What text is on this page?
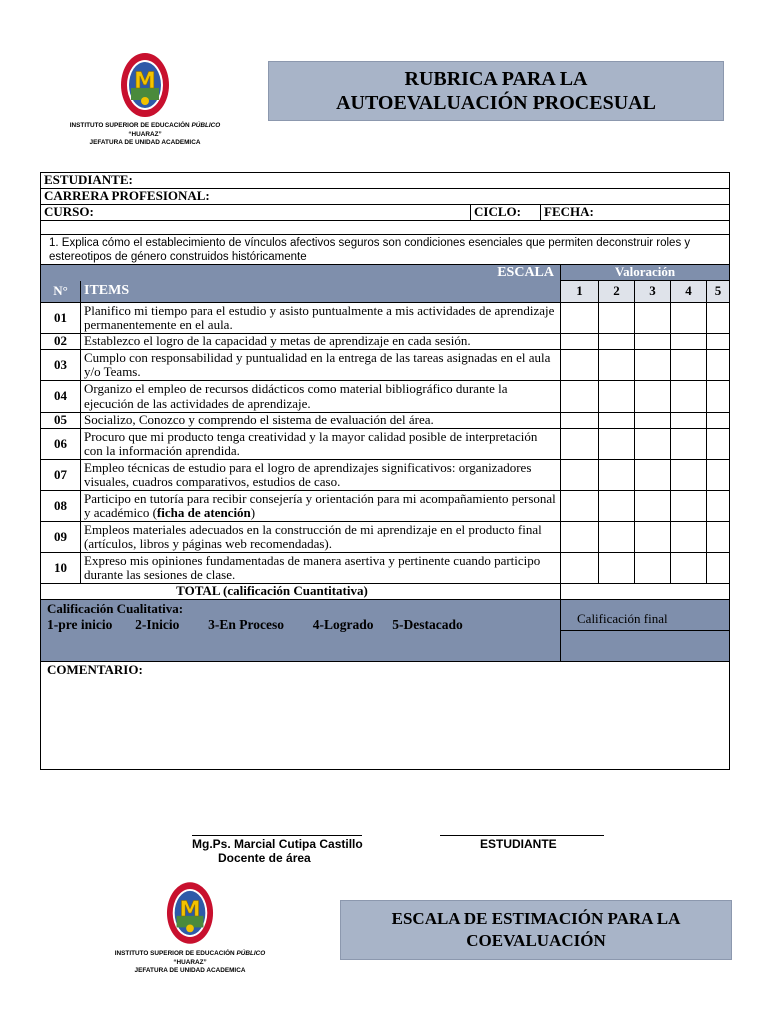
M
INSTITUTO SUPERIOR DE EDUCACIÓN PÚBLICO
“HUARAZ”
JEFATURA DE UNIDAD ACADEMICA
RUBRICA PARA LA
AUTOEVALUACIÓN PROCESUAL
ESTUDIANTE:								
CARRERA PROFESIONAL:								
CURSO:		CICLO:	FECHA:					

1. Explica cómo el establecimiento de vínculos afectivos seguros son condiciones esenciales que permiten deconstruir roles y estereotipos de género construidos históricamente								
ESCALA				Valoración				
N°	ITEMS			1	2	3	4	5
01	Planifico mi tiempo para el estudio y asisto puntualmente a mis actividades de aprendizaje permanentemente en el aula.							
02	Establezco el logro de la capacidad y metas de aprendizaje en cada sesión.							
03	Cumplo con responsabilidad y puntualidad en la entrega de las tareas asignadas en el aula y/o Teams.							
04	Organizo el empleo de recursos didácticos como material bibliográfico durante la ejecución de las actividades de aprendizaje.							
05	Socializo, Conozco y comprendo el sistema de evaluación del área.							
06	Procuro que mi producto tenga creatividad y la mayor calidad posible de interpretación con la información aprendida.							
07	Empleo técnicas de estudio para el logro de aprendizajes significativos: organizadores visuales, cuadros comparativos, estudios de caso.							
08	Participo en tutoría para recibir consejería y orientación para mi acompañamiento personal y académico (ficha de atención)							
09	Empleos materiales adecuados en la construcción de mi aprendizaje en el producto final (artículos, libros y páginas web recomendadas).							
10	Expreso mis opiniones fundamentadas de manera asertiva y pertinente cuando participo durante las sesiones de clase.							
TOTAL (calificación Cuantitativa)								

Calificación Cualitativa:
1-pre inicio 2-Inicio 3-En Proceso 4-Logrado 5-Destacado				Calificación final				

COMENTARIO:								
Mg.Ps. Marcial Cutipa Castillo
Docente de área
ESTUDIANTE
M
INSTITUTO SUPERIOR DE EDUCACIÓN PÚBLICO
“HUARAZ”
JEFATURA DE UNIDAD ACADEMICA
ESCALA DE ESTIMACIÓN PARA LA
COEVALUACIÓN
